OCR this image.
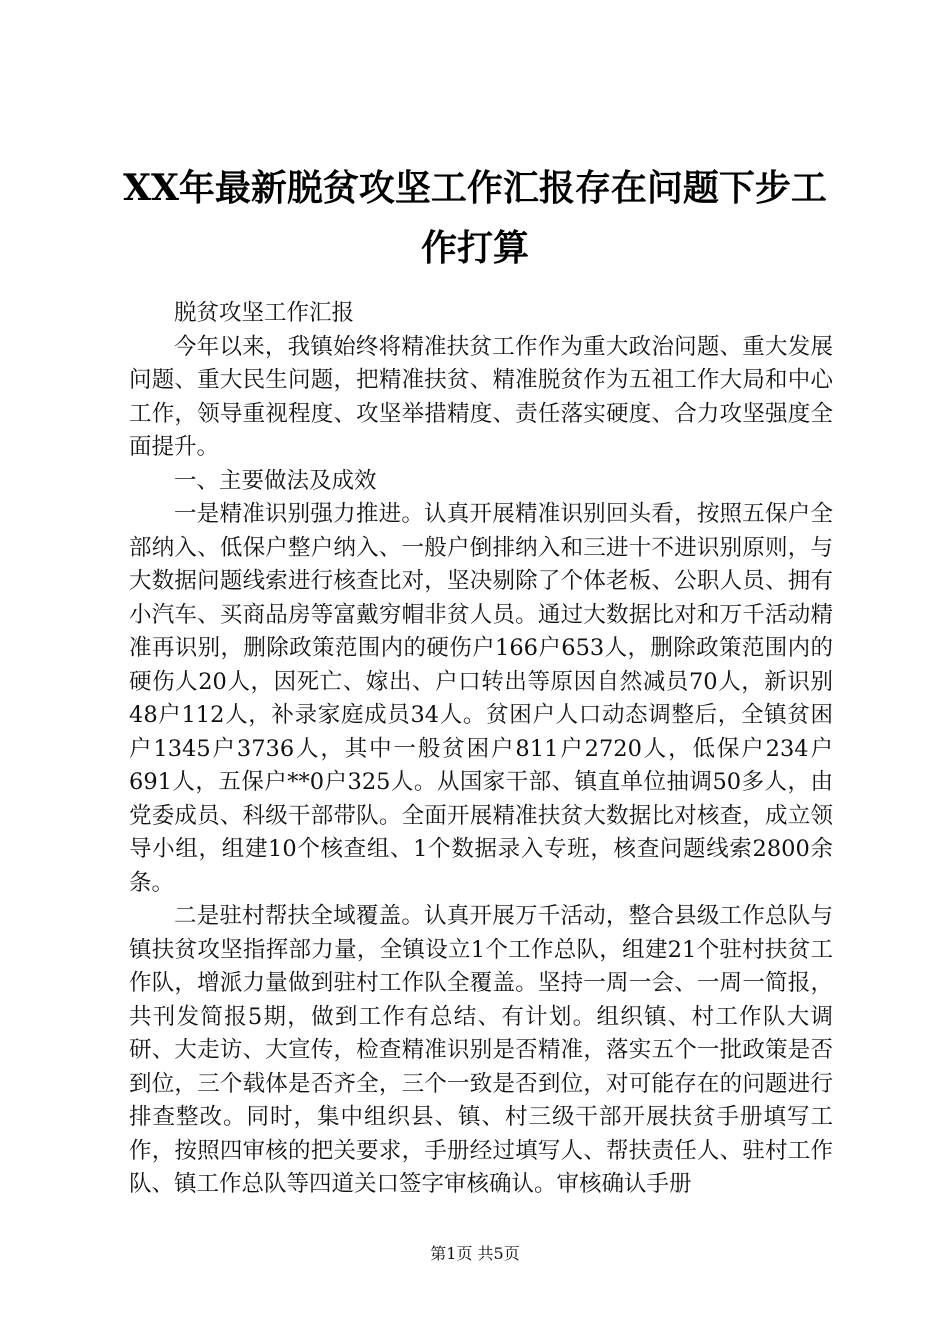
XX年最新脱贫攻坚工作汇报存在问题下步工
作打算

脱贫攻坚工作汇报

今年以来，我镇始终将精准扶贫工作作为重大政治问题、重大发展问题、重大民生问题，把精准扶贫、精准脱贫作为五祖工作大局和中心工作，领导重视程度、攻坚举措精度、责任落实硬度、合力攻坚强度全面提升。

一、主要做法及成效

一是精准识别强力推进。认真开展精准识别回头看，按照五保户全部纳入、低保户整户纳入、一般户倒排纳入和三进十不进识别原则，与大数据问题线索进行核查比对，坚决剔除了个体老板、公职人员、拥有小汽车、买商品房等富戴穷帽非贫人员。通过大数据比对和万千活动精准再识别，删除政策范围内的硬伤户166户653人，删除政策范围内的硬伤人20人，因死亡、嫁出、户口转出等原因自然减员70人，新识别48户112人，补录家庭成员34人。贫困户人口动态调整后，全镇贫困户1345户3736人，其中一般贫困户811户2720人，低保户234户691人，五保户**0户325人。从国家干部、镇直单位抽调50多人，由党委成员、科级干部带队。全面开展精准扶贫大数据比对核查，成立领导小组，组建10个核查组、1个数据录入专班，核查问题线索2800余条。

二是驻村帮扶全域覆盖。认真开展万千活动，整合县级工作总队与镇扶贫攻坚指挥部力量，全镇设立1个工作总队，组建21个驻村扶贫工作队，增派力量做到驻村工作队全覆盖。坚持一周一会、一周一简报，共刊发简报5期，做到工作有总结、有计划。组织镇、村工作队大调研、大走访、大宣传，检查精准识别是否精准，落实五个一批政策是否到位，三个载体是否齐全，三个一致是否到位，对可能存在的问题进行排查整改。同时，集中组织县、镇、村三级干部开展扶贫手册填写工作，按照四审核的把关要求，手册经过填写人、帮扶责任人、驻村工作队、镇工作总队等四道关口签字审核确认。审核确认手册

第1页 共5页
